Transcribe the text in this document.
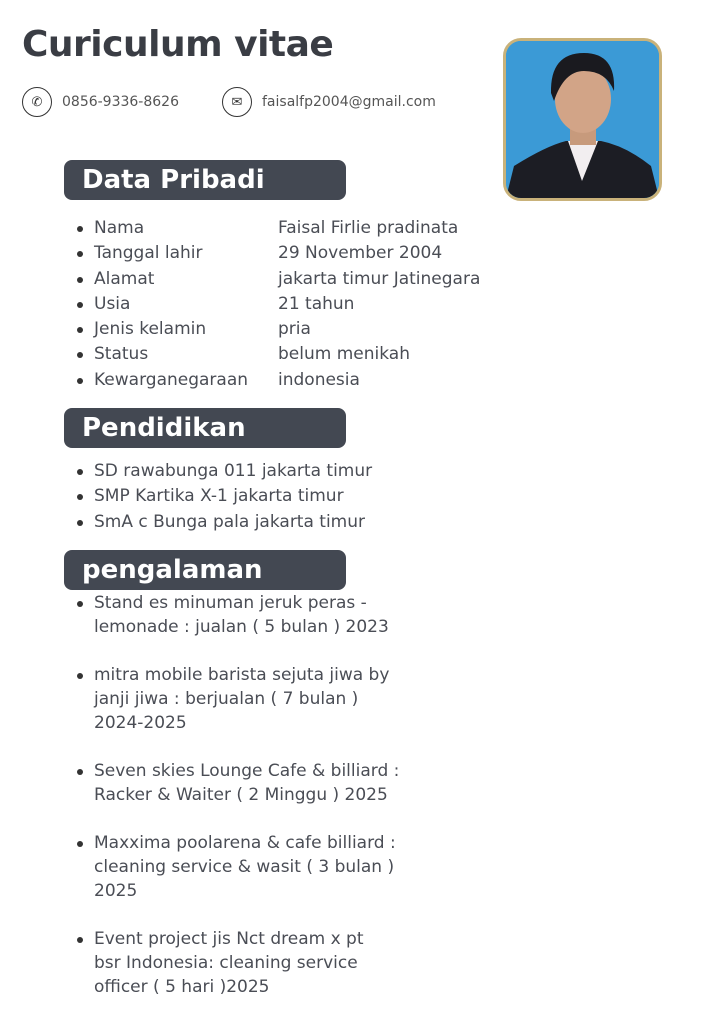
Curiculum vitae
✆	0856-9336-8626	✉	faisalfp2004@gmail.com
Data Pribadi
Nama	Faisal Firlie pradinata
Tanggal lahir	29 November 2004
Alamat	jakarta timur Jatinegara
Usia	21 tahun
Jenis kelamin	pria
Status	belum menikah
Kewarganegaraan indonesia
Pendidikan
SD rawabunga 011 jakarta timur
SMP Kartika X-1 jakarta timur
SmA c Bunga pala jakarta timur
pengalaman
Stand es minuman jeruk peras -
lemonade : jualan ( 5 bulan ) 2023
mitra mobile barista sejuta jiwa by
janji jiwa : berjualan ( 7 bulan )
2024-2025
Seven skies Lounge Cafe & billiard :
Racker & Waiter ( 2 Minggu ) 2025
Maxxima poolarena & cafe billiard :
cleaning service & wasit ( 3 bulan )
2025
Event project jis Nct dream x pt
bsr Indonesia: cleaning service
officer ( 5 hari )2025
